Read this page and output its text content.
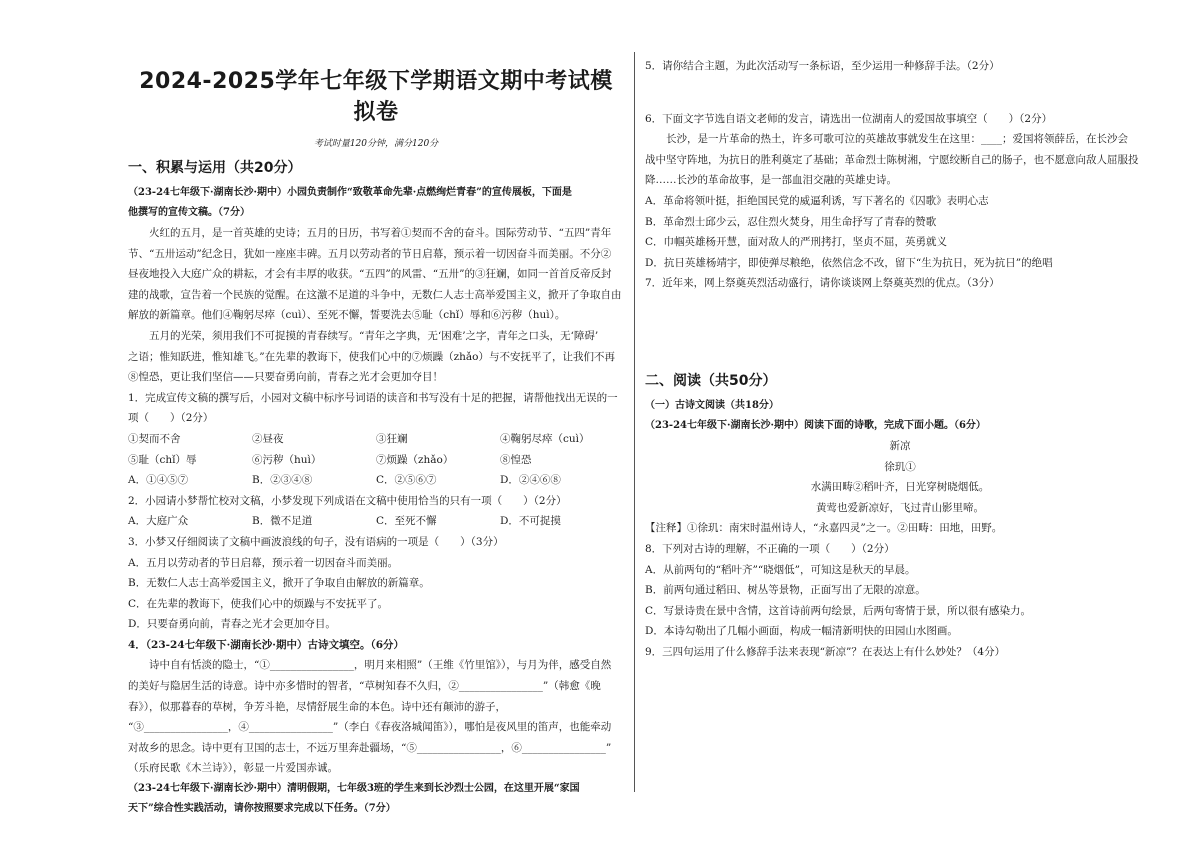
2024-2025学年七年级下学期语文期中考试模拟卷
考试时量120分钟，满分120分
一、积累与运用（共20分）
（23-24七年级下·湖南长沙·期中）小园负责制作“致敬革命先辈·点燃绚烂青春”的宣传展板，下面是
他撰写的宣传文稿。（7分）
火红的五月，是一首英雄的史诗；五月的日历，书写着①契而不舍的奋斗。国际劳动节、“五四”青年
节、“五卅运动”纪念日，犹如一座座丰碑。五月以劳动者的节日启幕，预示着一切因奋斗而美丽。不分②
昼夜地投入大庭广众的耕耘，才会有丰厚的收获。“五四”的风雷、“五卅”的③狂斓，如同一首首反帝反封
建的战歌，宣告着一个民族的觉醒。在这激不足道的斗争中，无数仁人志士高举爱国主义，掀开了争取自由
解放的新篇章。他们④鞠躬尽瘁（cuì）、至死不懈，誓要洗去⑤耻（chǐ）辱和⑥污秽（huì）。
五月的光荣，须用我们不可捉摸的青春续写。“青年之字典，无‘困难’之字，青年之口头，无‘障碍’
之语；惟知跃进，惟知雄飞。”在先辈的教诲下，使我们心中的⑦烦躁（zhǎo）与不安抚平了，让我们不再
⑧惶恐，更让我们坚信——只要奋勇向前，青春之光才会更加夺目！
1．完成宣传文稿的撰写后，小园对文稿中标序号词语的读音和书写没有十足的把握，请帮他找出无误的一
项（　　）（2分）
①契而不舍	②昼夜	③狂斓	④鞠躬尽瘁（cuì）
⑤耻（chǐ）辱	⑥污秽（huì）	⑦烦躁（zhǎo）	⑧惶恐
A．①④⑤⑦	B．②③④⑧	C．②⑤⑥⑦	D．②④⑥⑧
2．小园请小梦帮忙校对文稿，小梦发现下列成语在文稿中使用恰当的只有一项（　　）（2分）
A．大庭广众	B．微不足道	C．至死不懈	D．不可捉摸
3．小梦又仔细阅读了文稿中画波浪线的句子，没有语病的一项是（　　）（3分）
A．五月以劳动者的节日启幕，预示着一切因奋斗而美丽。
B．无数仁人志士高举爱国主义，掀开了争取自由解放的新篇章。
C．在先辈的教诲下，使我们心中的烦躁与不安抚平了。
D．只要奋勇向前，青春之光才会更加夺目。
4．（23-24七年级下·湖南长沙·期中）古诗文填空。（6分）
诗中自有恬淡的隐士，“①________________，明月来相照”（王维《竹里馆》），与月为伴，感受自然
的美好与隐居生活的诗意。诗中亦多惜时的智者，“草树知春不久归，②________________”（韩愈《晚
春》），似那暮春的草树，争芳斗艳，尽情舒展生命的本色。诗中还有颠沛的游子，
“③________________，④________________”（李白《春夜洛城闻笛》），哪怕是夜风里的笛声，也能牵动
对故乡的思念。诗中更有卫国的志士，不远万里奔赴疆场，“⑤________________，⑥________________”
（乐府民歌《木兰诗》），彰显一片爱国赤诚。
（23-24七年级下·湖南长沙·期中）清明假期，七年级3班的学生来到长沙烈士公园，在这里开展“家国
天下”综合性实践活动，请你按照要求完成以下任务。（7分）
5．请你结合主题，为此次活动写一条标语，至少运用一种修辞手法。（2分）
6．下面文字节选自语文老师的发言，请选出一位湖南人的爱国故事填空（　　）（2分）
长沙，是一片革命的热土，许多可歌可泣的英雄故事就发生在这里：____；爱国将领薛岳，在长沙会
战中坚守阵地，为抗日的胜利奠定了基础；革命烈士陈树湘，宁愿绞断自己的肠子，也不愿意向敌人屈服投
降……长沙的革命故事，是一部血泪交融的英雄史诗。
A．革命将领叶挺，拒绝国民党的威逼利诱，写下著名的《囚歌》表明心志
B．革命烈士邱少云，忍住烈火焚身，用生命抒写了青春的赞歌
C．巾帼英雄杨开慧，面对敌人的严刑拷打，坚贞不屈，英勇就义
D．抗日英雄杨靖宇，即使弹尽粮绝，依然信念不改，留下“生为抗日，死为抗日”的绝唱
7．近年来，网上祭奠英烈活动盛行，请你谈谈网上祭奠英烈的优点。（3分）
二、阅读（共50分）
（一）古诗文阅读（共18分）
（23-24七年级下·湖南长沙·期中）阅读下面的诗歌，完成下面小题。（6分）
新凉
徐玑①
水满田畴②稻叶齐，日光穿树晓烟低。
黄莺也爱新凉好，飞过青山影里啼。
【注释】①徐玑：南宋时温州诗人，“永嘉四灵”之一。②田畴：田地，田野。
8．下列对古诗的理解，不正确的一项（　　）（2分）
A．从前两句的“稻叶齐”“晓烟低”，可知这是秋天的早晨。
B．前两句通过稻田、树丛等景物，正面写出了无限的凉意。
C．写景诗贵在景中含情，这首诗前两句绘景，后两句寄情于景，所以很有感染力。
D．本诗勾勒出了几幅小画面，构成一幅清新明快的田园山水图画。
9．三四句运用了什么修辞手法来表现“新凉”？在表达上有什么妙处？（4分）
